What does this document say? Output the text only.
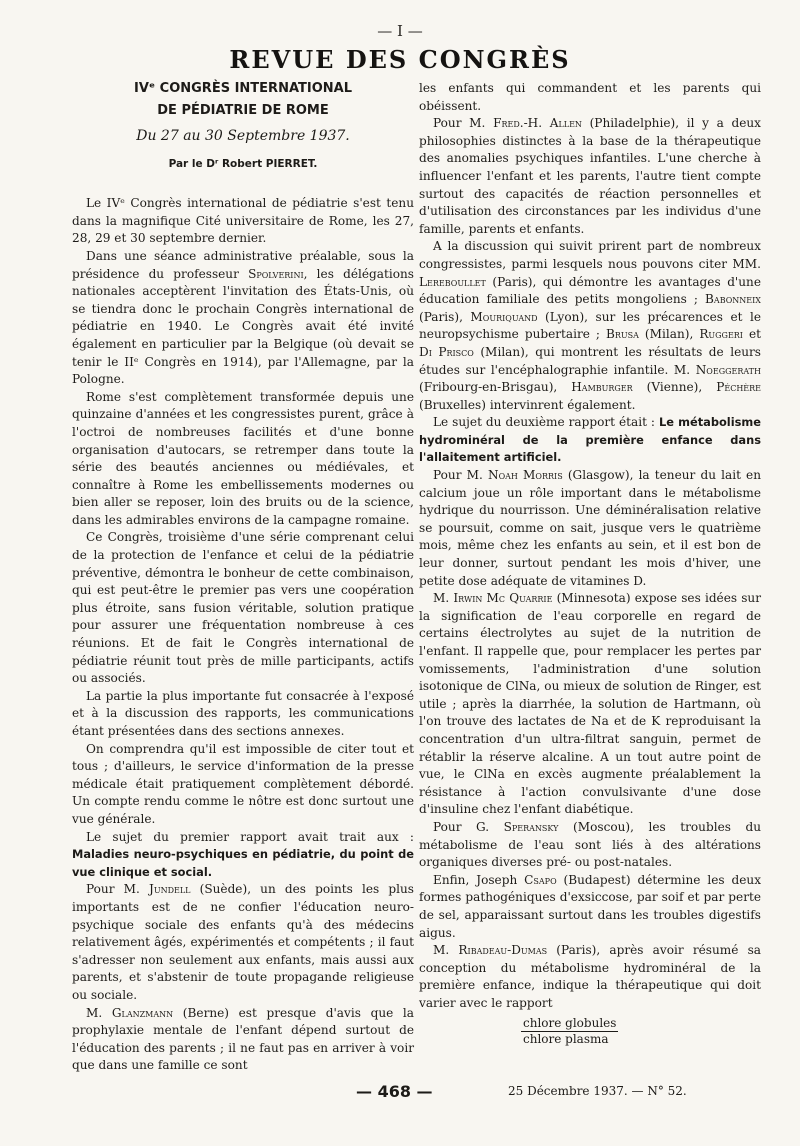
— I —
REVUE DES CONGRÈS

IVᵉ CONGRÈS INTERNATIONAL

DE PÉDIATRIE DE ROME

Du 27 au 30 Septembre 1937.

Par le Dʳ Robert PIERRET.

Le IVᵉ Congrès international de pédiatrie s'est tenu dans la magnifique Cité universitaire de Rome, les 27, 28, 29 et 30 septembre dernier.

Dans une séance administrative préalable, sous la présidence du professeur Spolverini, les délégations nationales acceptèrent l'invitation des États-Unis, où se tiendra donc le prochain Congrès international de pédiatrie en 1940. Le Congrès avait été invité également en particulier par la Belgique (où devait se tenir le IIᵉ Congrès en 1914), par l'Allemagne, par la Pologne.

Rome s'est complètement transformée depuis une quinzaine d'années et les congressistes purent, grâce à l'octroi de nombreuses facilités et d'une bonne organisation d'autocars, se retremper dans toute la série des beautés anciennes ou médiévales, et connaître à Rome les embellissements modernes ou bien aller se reposer, loin des bruits ou de la science, dans les admirables environs de la campagne romaine.

Ce Congrès, troisième d'une série comprenant celui de la protection de l'enfance et celui de la pédiatrie préventive, démontra le bonheur de cette combinaison, qui est peut-être le premier pas vers une coopération plus étroite, sans fusion véritable, solution pratique pour assurer une fréquentation nombreuse à ces réunions. Et de fait le Congrès international de pédiatrie réunit tout près de mille participants, actifs ou associés.

La partie la plus importante fut consacrée à l'exposé et à la discussion des rapports, les communications étant présentées dans des sections annexes.

On comprendra qu'il est impossible de citer tout et tous ; d'ailleurs, le service d'information de la presse médicale était pratiquement complètement débordé. Un compte rendu comme le nôtre est donc surtout une vue générale.

Le sujet du premier rapport avait trait aux : Maladies neuro-psychiques en pédiatrie, du point de vue clinique et social.

Pour M. Jundell (Suède), un des points les plus importants est de ne confier l'éducation neuro-psychique sociale des enfants qu'à des médecins relativement âgés, expérimentés et compétents ; il faut s'adresser non seulement aux enfants, mais aussi aux parents, et s'abstenir de toute propagande religieuse ou sociale.

M. Glanzmann (Berne) est presque d'avis que la prophylaxie mentale de l'enfant dépend surtout de l'éducation des parents ; il ne faut pas en arriver à voir que dans une famille ce sont

les enfants qui commandent et les parents qui obéissent.

Pour M. Fred.-H. Allen (Philadelphie), il y a deux philosophies distinctes à la base de la thérapeutique des anomalies psychiques infantiles. L'une cherche à influencer l'enfant et les parents, l'autre tient compte surtout des capacités de réaction personnelles et d'utilisation des circonstances par les individus d'une famille, parents et enfants.

A la discussion qui suivit prirent part de nombreux congressistes, parmi lesquels nous pouvons citer MM. Lereboullet (Paris), qui démontre les avantages d'une éducation familiale des petits mongoliens ; Babonneix (Paris), Mouriquand (Lyon), sur les précarences et le neuropsychisme pubertaire ; Brusa (Milan), Ruggeri et Di Prisco (Milan), qui montrent les résultats de leurs études sur l'encéphalographie infantile. M. Noeggerath (Fribourg-en-Brisgau), Hamburger (Vienne), Péchère (Bruxelles) intervinrent également.

Le sujet du deuxième rapport était : Le métabolisme hydrominéral de la première enfance dans l'allaitement artificiel.

Pour M. Noah Morris (Glasgow), la teneur du lait en calcium joue un rôle important dans le métabolisme hydrique du nourrisson. Une déminéralisation relative se poursuit, comme on sait, jusque vers le quatrième mois, même chez les enfants au sein, et il est bon de leur donner, surtout pendant les mois d'hiver, une petite dose adéquate de vitamines D.

M. Irwin Mc Quarrie (Minnesota) expose ses idées sur la signification de l'eau corporelle en regard de certains électrolytes au sujet de la nutrition de l'enfant. Il rappelle que, pour remplacer les pertes par vomissements, l'administration d'une solution isotonique de ClNa, ou mieux de solution de Ringer, est utile ; après la diarrhée, la solution de Hartmann, où l'on trouve des lactates de Na et de K reproduisant la concentration d'un ultra-filtrat sanguin, permet de rétablir la réserve alcaline. A un tout autre point de vue, le ClNa en excès augmente préalablement la résistance à l'action convulsivante d'une dose d'insuline chez l'enfant diabétique.

Pour G. Speransky (Moscou), les troubles du métabolisme de l'eau sont liés à des altérations organiques diverses pré- ou post-natales.

Enfin, Joseph Csapo (Budapest) détermine les deux formes pathogéniques d'exsiccose, par soif et par perte de sel, apparaissant surtout dans les troubles digestifs aigus.

M. Ribadeau-Dumas (Paris), après avoir résumé sa conception du métabolisme hydrominéral de la première enfance, indique la thérapeutique qui doit varier avec le rapport

$\frac{\text{chlore globules}}{\text{chlore plasma}}$
— 468 —	25 Décembre 1937. — N° 52.
